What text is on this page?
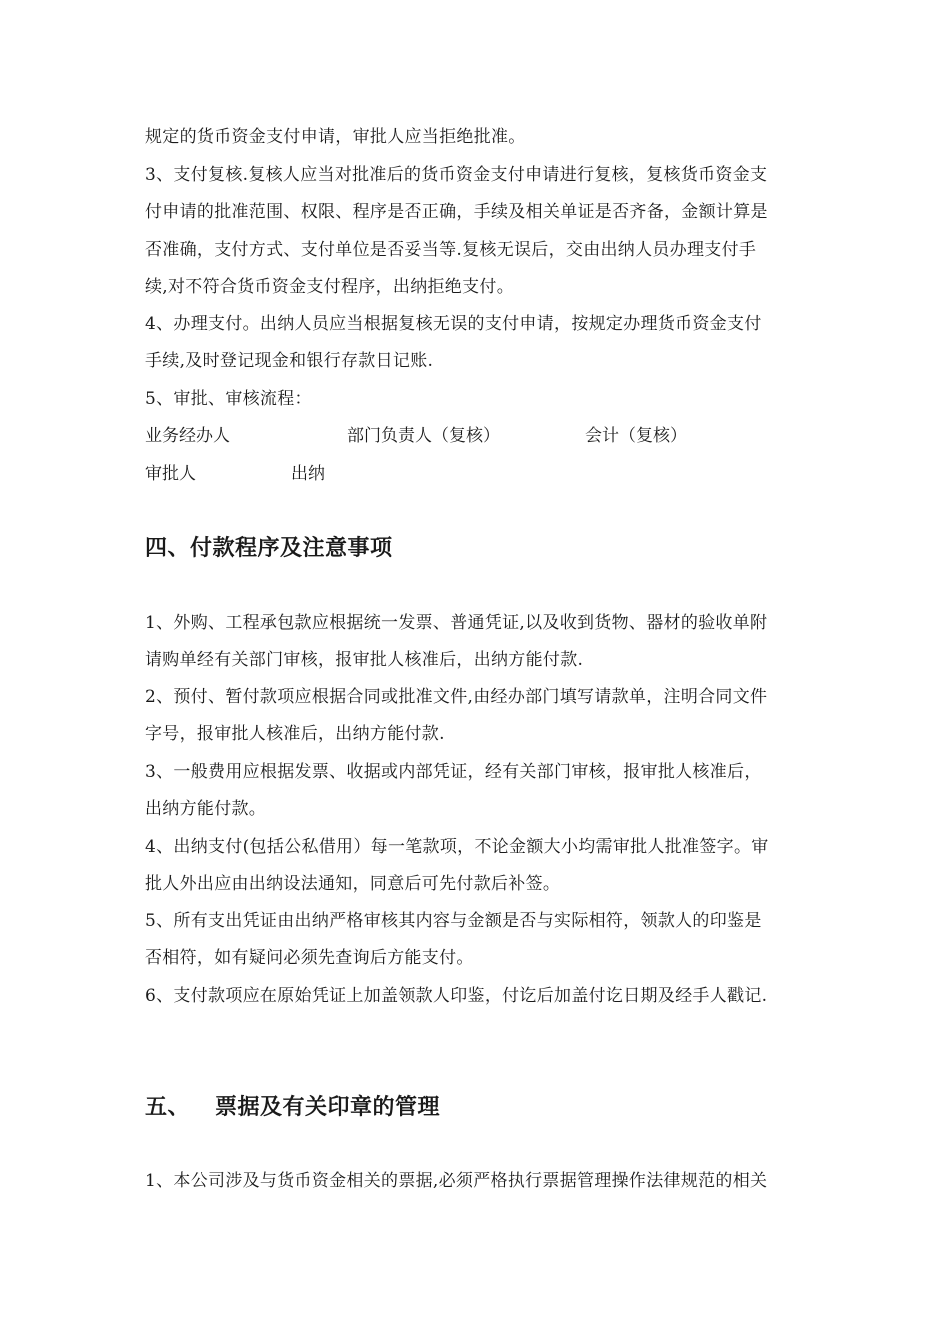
规定的货币资金支付申请，审批人应当拒绝批准。
3、支付复核.复核人应当对批准后的货币资金支付申请进行复核，复核货币资金支
付申请的批准范围、权限、程序是否正确，手续及相关单证是否齐备，金额计算是
否准确，支付方式、支付单位是否妥当等.复核无误后，交由出纳人员办理支付手
续,对不符合货币资金支付程序，出纳拒绝支付。
4、办理支付。出纳人员应当根据复核无误的支付申请，按规定办理货币资金支付
手续,及时登记现金和银行存款日记账.
5、审批、审核流程：
业务经办人	部门负责人（复核）	会计（复核）
审批人	出纳
四、付款程序及注意事项
1、外购、工程承包款应根据统一发票、普通凭证,以及收到货物、器材的验收单附
请购单经有关部门审核，报审批人核准后，出纳方能付款.
2、预付、暂付款项应根据合同或批准文件,由经办部门填写请款单，注明合同文件
字号，报审批人核准后，出纳方能付款.
3、一般费用应根据发票、收据或内部凭证，经有关部门审核，报审批人核准后，
出纳方能付款。
4、出纳支付(包括公私借用）每一笔款项，不论金额大小均需审批人批准签字。审
批人外出应由出纳设法通知，同意后可先付款后补签。
5、所有支出凭证由出纳严格审核其内容与金额是否与实际相符，领款人的印鉴是
否相符，如有疑问必须先查询后方能支付。
6、支付款项应在原始凭证上加盖领款人印鉴，付讫后加盖付讫日期及经手人戳记.
五、 票据及有关印章的管理
1、本公司涉及与货币资金相关的票据,必须严格执行票据管理操作法律规范的相关
